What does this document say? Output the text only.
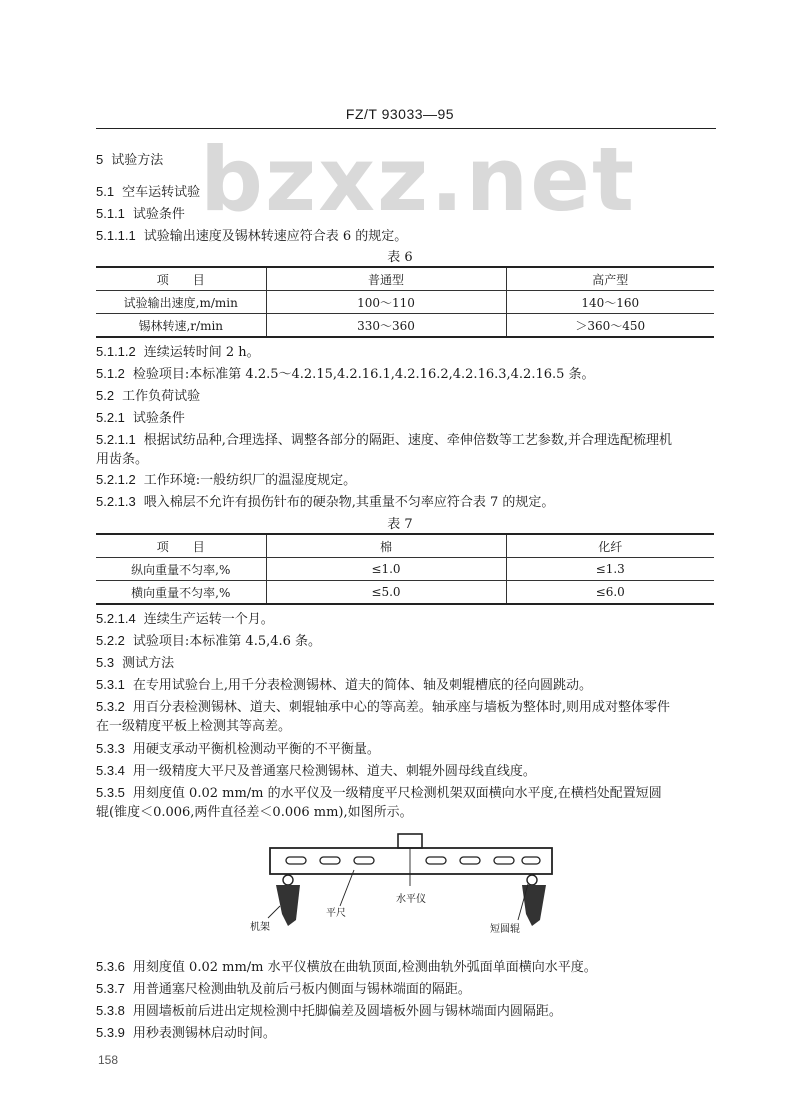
FZ/T 93033—95
bzxz.net
5 试验方法
5.1 空车运转试验
5.1.1 试验条件
5.1.1.1 试验输出速度及锡林转速应符合表 6 的规定。
表 6
项　　目	普通型	高产型
试验输出速度,m/min	100～110	140～160
锡林转速,r/min	330～360	＞360～450
5.1.1.2 连续运转时间 2 h。
5.1.2 检验项目:本标准第 4.2.5～4.2.15,4.2.16.1,4.2.16.2,4.2.16.3,4.2.16.5 条。
5.2 工作负荷试验
5.2.1 试验条件
5.2.1.1 根据试纺品种,合理选择、调整各部分的隔距、速度、牵伸倍数等工艺参数,并合理选配梳理机
用齿条。
5.2.1.2 工作环境:一般纺织厂的温湿度规定。
5.2.1.3 喂入棉层不允许有损伤针布的硬杂物,其重量不匀率应符合表 7 的规定。
表 7
项　　目	棉	化纤
纵向重量不匀率,%	≤1.0	≤1.3
横向重量不匀率,%	≤5.0	≤6.0
5.2.1.4 连续生产运转一个月。
5.2.2 试验项目:本标准第 4.5,4.6 条。
5.3 测试方法
5.3.1 在专用试验台上,用千分表检测锡林、道夫的简体、轴及刺辊槽底的径向圆跳动。
5.3.2 用百分表检测锡林、道夫、刺辊轴承中心的等高差。轴承座与墙板为整体时,则用成对整体零件
在一级精度平板上检测其等高差。
5.3.3 用硬支承动平衡机检测动平衡的不平衡量。
5.3.4 用一级精度大平尺及普通塞尺检测锡林、道夫、刺辊外圆母线直线度。
5.3.5 用刻度值 0.02 mm/m 的水平仪及一级精度平尺检测机架双面横向水平度,在横档处配置短圆
辊(锥度＜0.006,两件直径差＜0.006 mm),如图所示。
机架
平尺
水平仪
短圆辊
5.3.6 用刻度值 0.02 mm/m 水平仪横放在曲轨顶面,检测曲轨外弧面单面横向水平度。
5.3.7 用普通塞尺检测曲轨及前后弓板内侧面与锡林端面的隔距。
5.3.8 用圆墙板前后进出定规检测中托脚偏差及圆墙板外圆与锡林端面内圆隔距。
5.3.9 用秒表测锡林启动时间。
158
